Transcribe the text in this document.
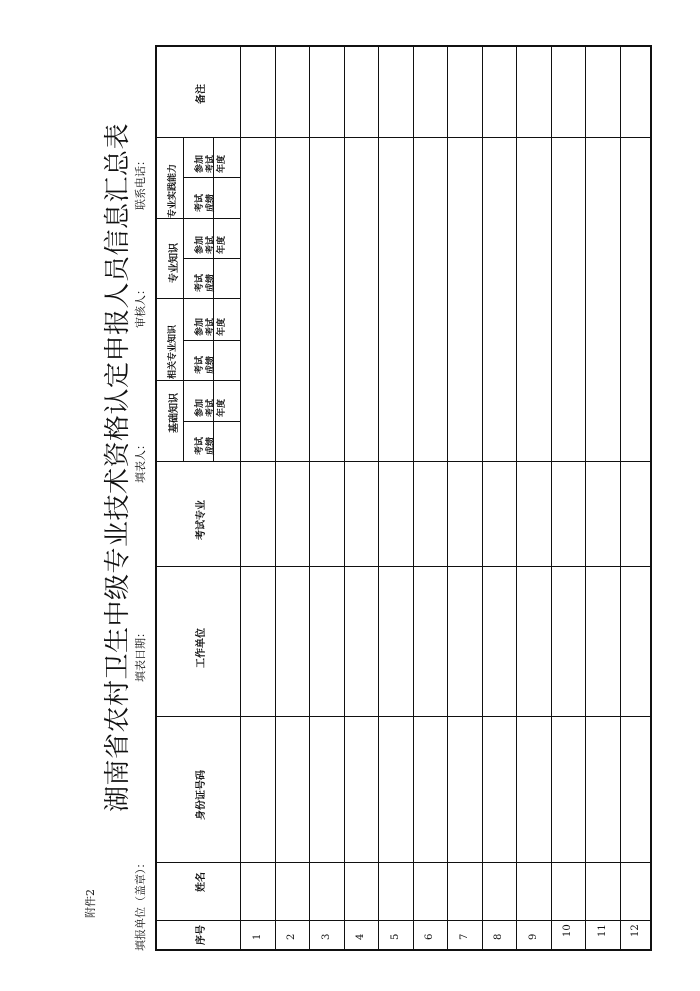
附件2
湖南省农村卫生中级专业技术资格认定申报人员信息汇总表
填报单位（盖章）：
填表日期：
填表人：
审核人：
联系电话：
序号
姓名
身份证号码
工作单位
考试专业
基础知识
相关专业知识
专业知识
专业实践能力
备注
考试 成绩
考试 成绩
考试 成绩
考试 成绩
参加 考试 年度
参加 考试 年度
参加 考试 年度
参加 考试 年度
1 2 3 4 5 6 7 8 9 10 11 12
